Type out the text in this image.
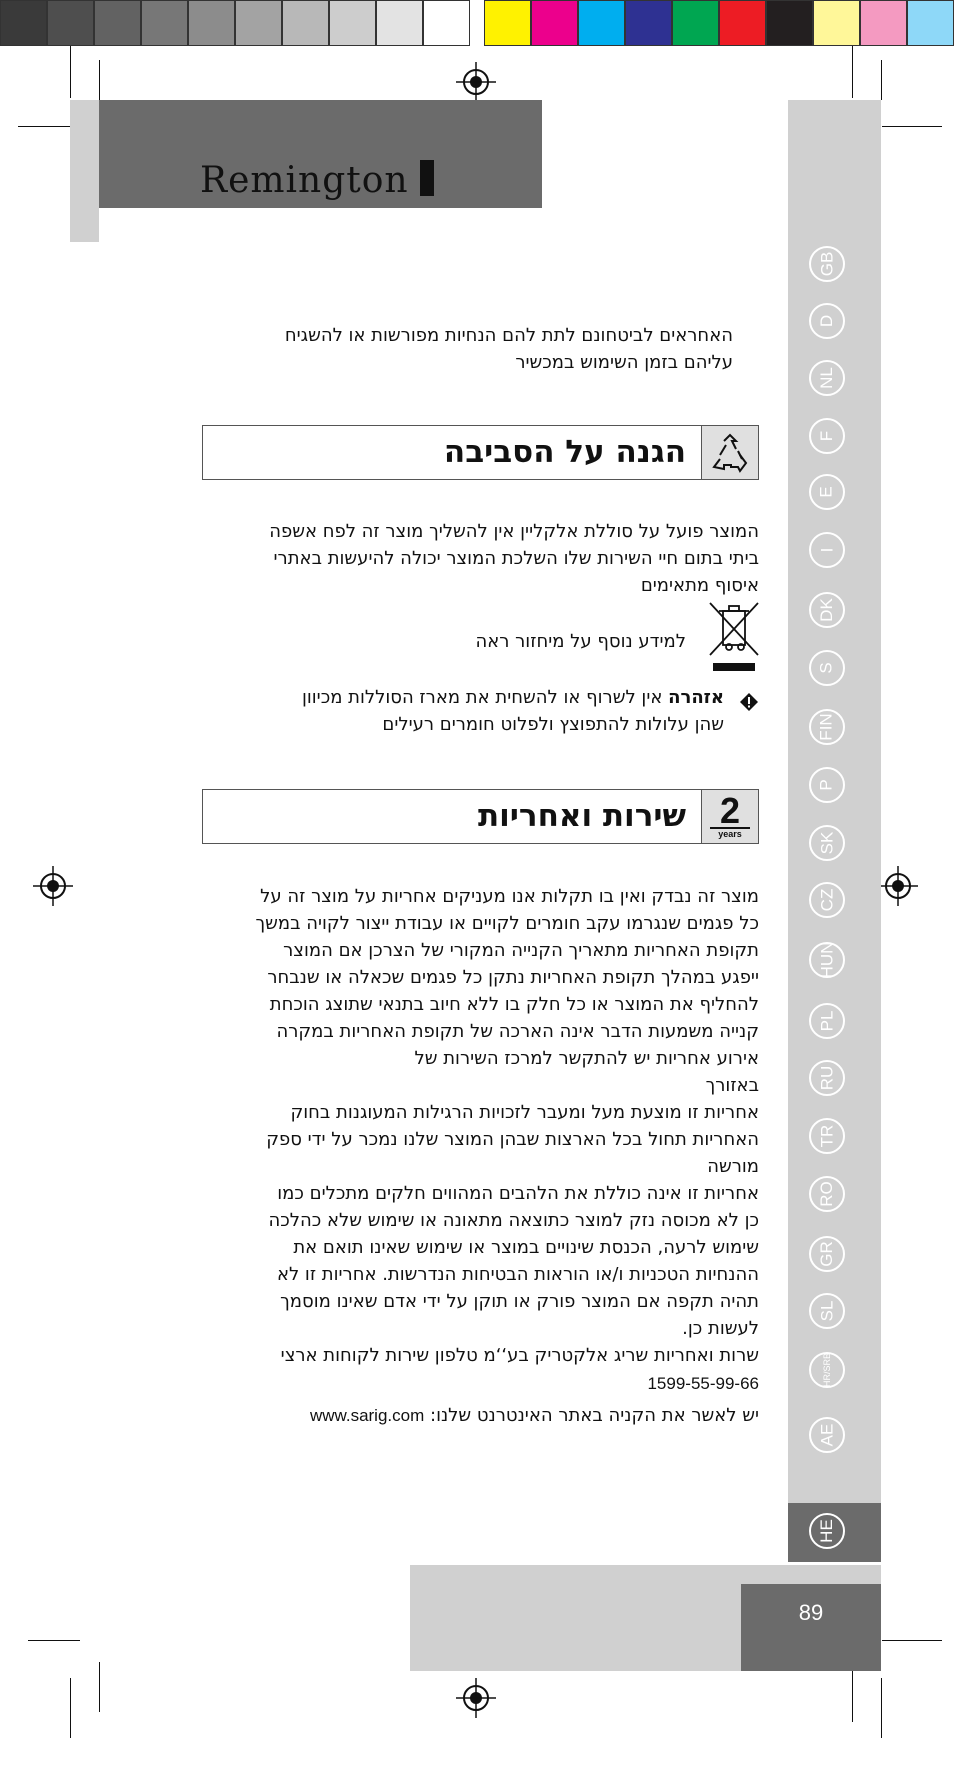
Remington
GB
D
NL
F
E
I
DK
S
FIN
P
SK
CZ
HUN
PL
RU
TR
RO
GR
SL
HR/SRB
AE
HE

האחראים לביטחונם לתת להם הנחיות מפורשות או להשגיח

עליהם בזמן השימוש במכשיר

הגנה על הסביבה

המוצר פועל על סוללת אלקליין אין להשליך מוצר זה לפח אשפה

ביתי בתום חיי השירות שלו השלכת המוצר יכולה להיעשות באתרי

איסוף מתאימים

למידע נוסף על מיחזור ראה

אזהרה אין לשרוף או להשחית את מארז הסוללות מכיוון

שהן עלולות להתפוצץ ולפלוט חומרים רעילים

2
years
שירות ואחריות

מוצר זה נבדק ואין בו תקלות אנו מעניקים אחריות על מוצר זה על

כל פגמים שנגרמו עקב חומרים לקויים או עבודת ייצור לקויה במשך

תקופת האחריות מתאריך הקנייה המקורי של הצרכן אם המוצר

ייפגע במהלך תקופת האחריות נתקן כל פגמים שכאלה או שנבחר

להחליף את המוצר או כל חלק בו ללא חיוב בתנאי שתוצג הוכחת

קנייה משמעות הדבר אינה הארכה של תקופת האחריות במקרה

אירוע אחריות יש להתקשר למרכז השירות של

באזורך

אחריות זו מוצעת מעל ומעבר לזכויות הרגילות המעוגנות בחוק

האחריות תחול בכל הארצות שבהן המוצר שלנו נמכר על ידי ספק

מורשה

אחריות זו אינה כוללת את הלהבים המהווים חלקים מתכלים כמו

כן לא מכוסה נזק למוצר כתוצאה מתאונה או שימוש שלא כהלכה

שימוש לרעה, הכנסת שינויים במוצר או שימוש שאינו תואם את

ההנחיות הטכניות ו/או הוראות הבטיחות הנדרשות. אחריות זו לא

תהיה תקפה אם המוצר פורק או תוקן על ידי אדם שאינו מוסמך

לעשות כן.

שרות ואחריות שריג אלקטריק בע‘‘מ טלפון שירות לקוחות ארצי

1599-55-99-66
יש לאשר את הקניה באתר האינטרנט שלנו: www.sarig.com
89
